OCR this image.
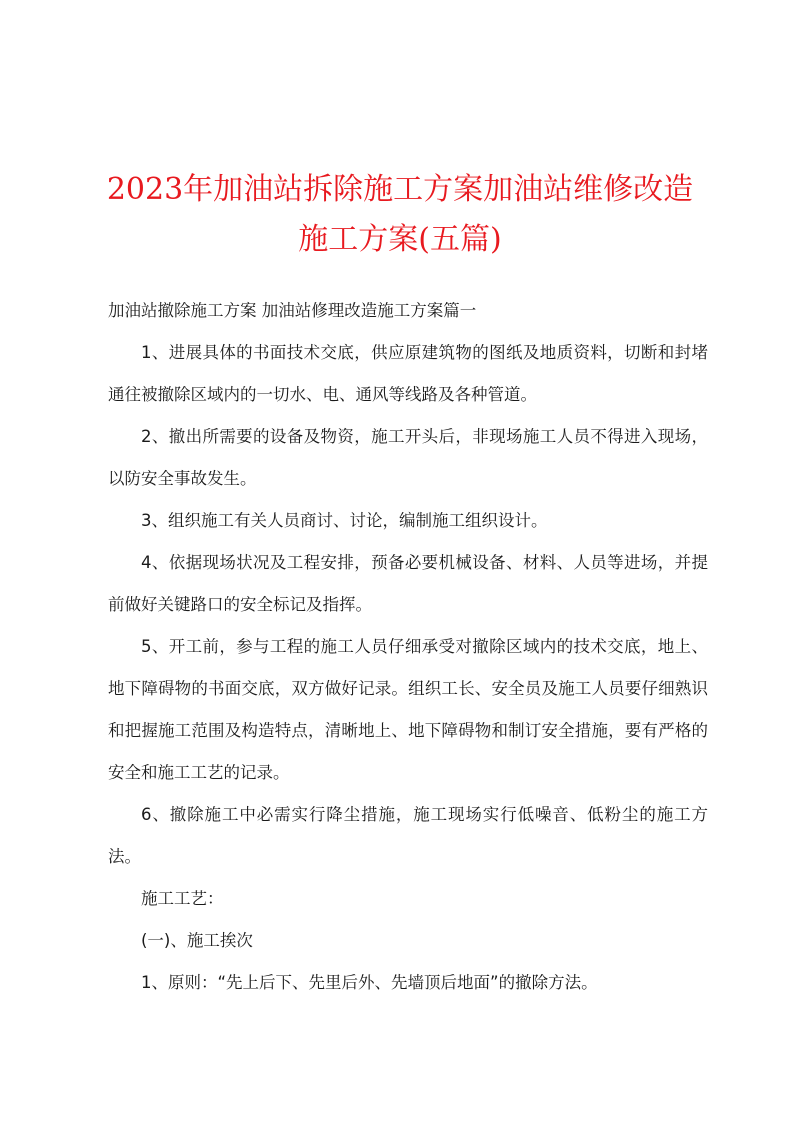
2023年加油站拆除施工方案加油站维修改造
施工方案(五篇)

加油站撤除施工方案 加油站修理改造施工方案篇一

1、进展具体的书面技术交底，供应原建筑物的图纸及地质资料，切断和封堵通往被撤除区域内的一切水、电、通风等线路及各种管道。

2、撤出所需要的设备及物资，施工开头后，非现场施工人员不得进入现场，以防安全事故发生。

3、组织施工有关人员商讨、讨论，编制施工组织设计。

4、依据现场状况及工程安排，预备必要机械设备、材料、人员等进场，并提前做好关键路口的安全标记及指挥。

5、开工前，参与工程的施工人员仔细承受对撤除区域内的技术交底，地上、地下障碍物的书面交底，双方做好记录。组织工长、安全员及施工人员要仔细熟识和把握施工范围及构造特点，清晰地上、地下障碍物和制订安全措施，要有严格的安全和施工工艺的记录。

6、撤除施工中必需实行降尘措施，施工现场实行低噪音、低粉尘的施工方法。

施工工艺：

(一)、施工挨次

1、原则：“先上后下、先里后外、先墙顶后地面”的撤除方法。
